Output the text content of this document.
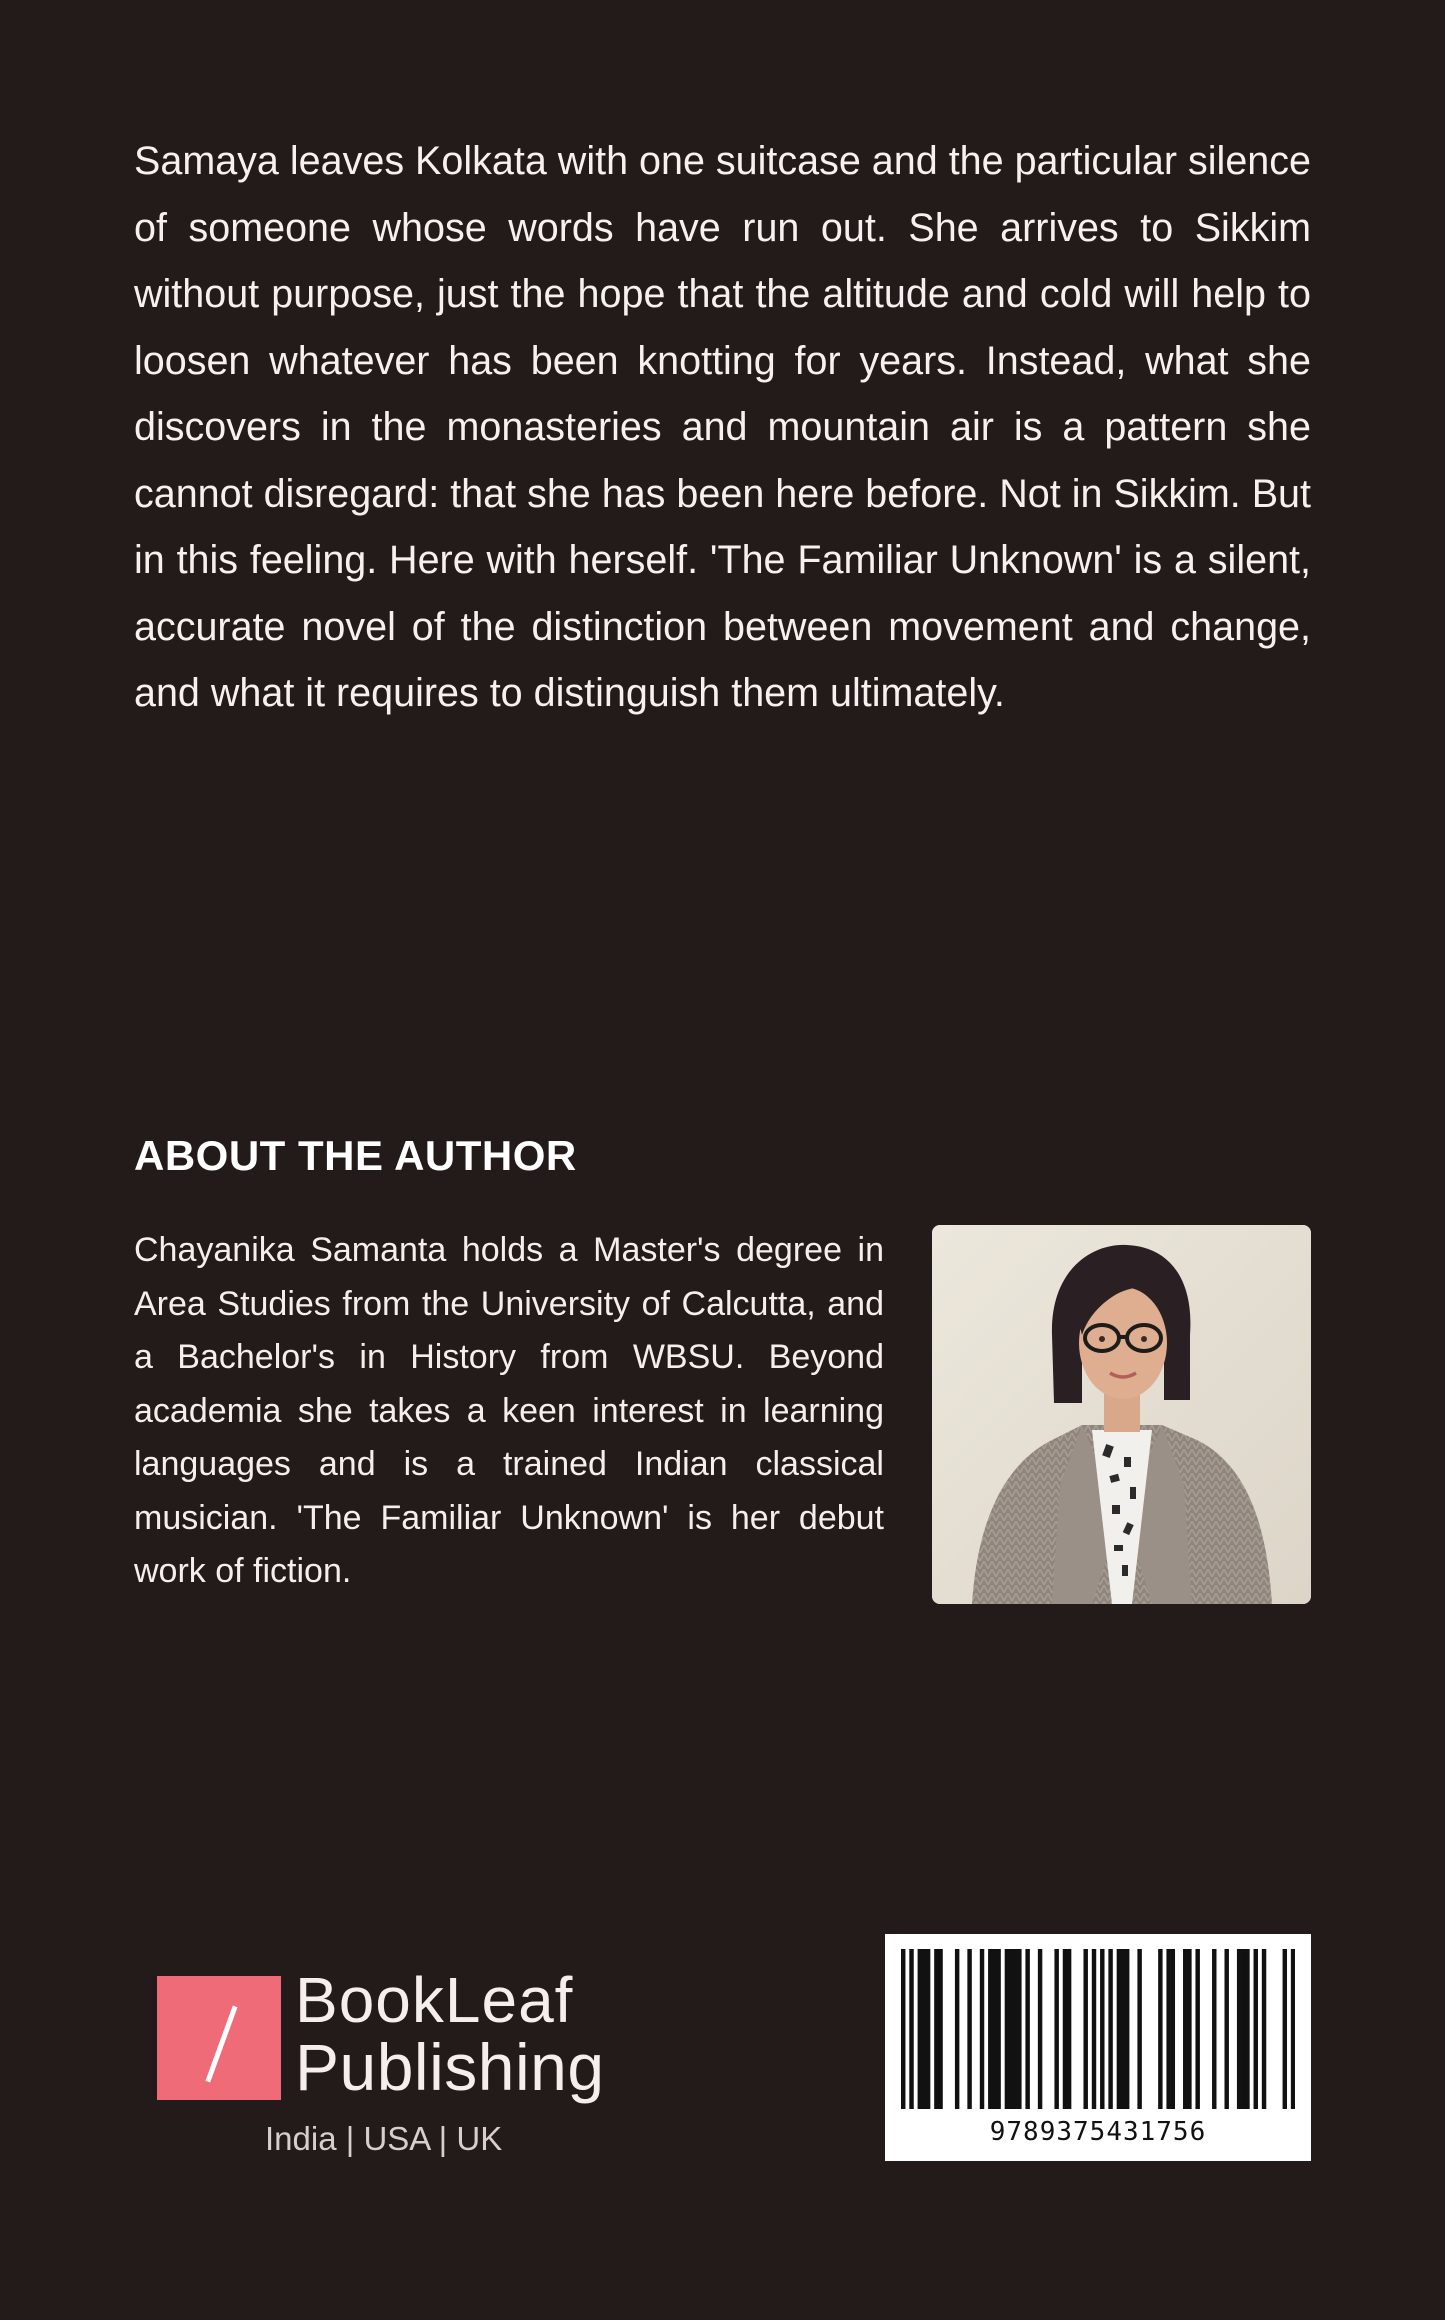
Samaya leaves Kolkata with one suitcase and the particular silence of someone whose words have run out. She arrives to Sikkim without purpose, just the hope that the altitude and cold will help to loosen whatever has been knotting for years. Instead, what she discovers in the monasteries and mountain air is a pattern she cannot disregard: that she has been here before. Not in Sikkim. But in this feeling. Here with herself. 'The Familiar Unknown' is a silent, accurate novel of the distinction between movement and change, and what it requires to distinguish them ultimately.

ABOUT THE AUTHOR

Chayanika Samanta holds a Master's degree in Area Studies from the University of Calcutta, and a Bachelor's in History from WBSU. Beyond academia she takes a keen interest in learning languages and is a trained Indian classical musician. 'The Familiar Unknown' is her debut work of fiction.

BookLeaf
Publishing
India | USA | UK	9789375431756
